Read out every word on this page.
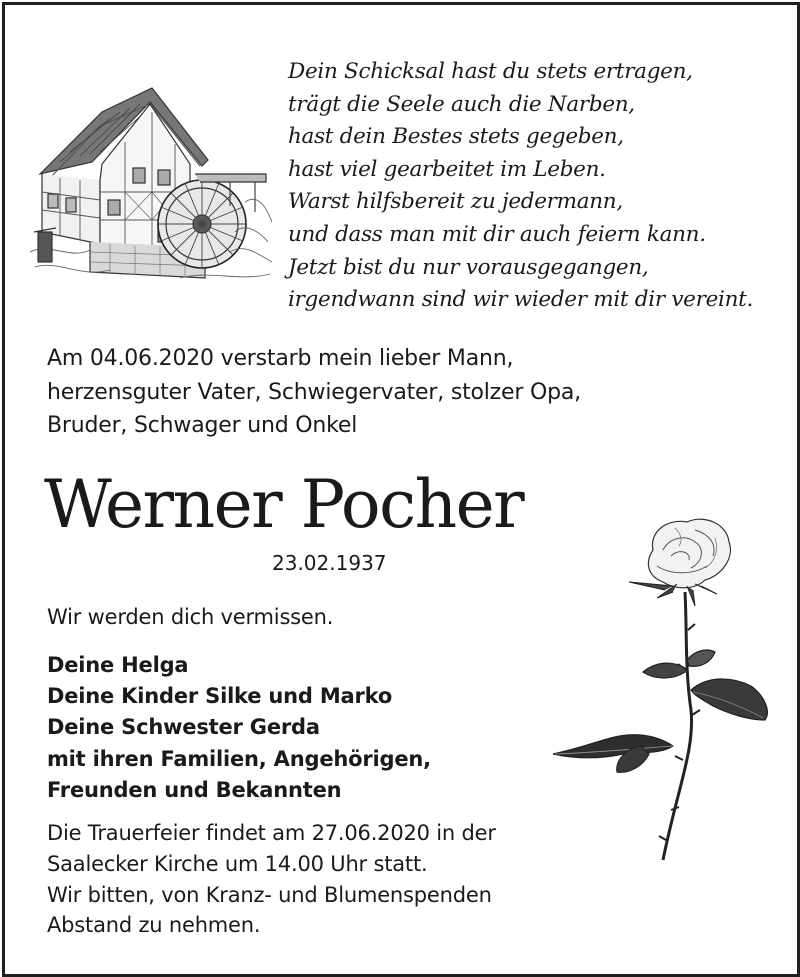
Dein Schicksal hast du stets ertragen,
trägt die Seele auch die Narben,
hast dein Bestes stets gegeben,
hast viel gearbeitet im Leben.
Warst hilfsbereit zu jedermann,
und dass man mit dir auch feiern kann.
Jetzt bist du nur vorausgegangen,
irgendwann sind wir wieder mit dir vereint.
Am 04.06.2020 verstarb mein lieber Mann,
herzensguter Vater, Schwiegervater, stolzer Opa,
Bruder, Schwager und Onkel
Werner Pocher
23.02.1937
Wir werden dich vermissen.
Deine Helga
Deine Kinder Silke und Marko
Deine Schwester Gerda
mit ihren Familien, Angehörigen,
Freunden und Bekannten
Die Trauerfeier findet am 27.06.2020 in der
Saalecker Kirche um 14.00 Uhr statt.
Wir bitten, von Kranz- und Blumenspenden
Abstand zu nehmen.
